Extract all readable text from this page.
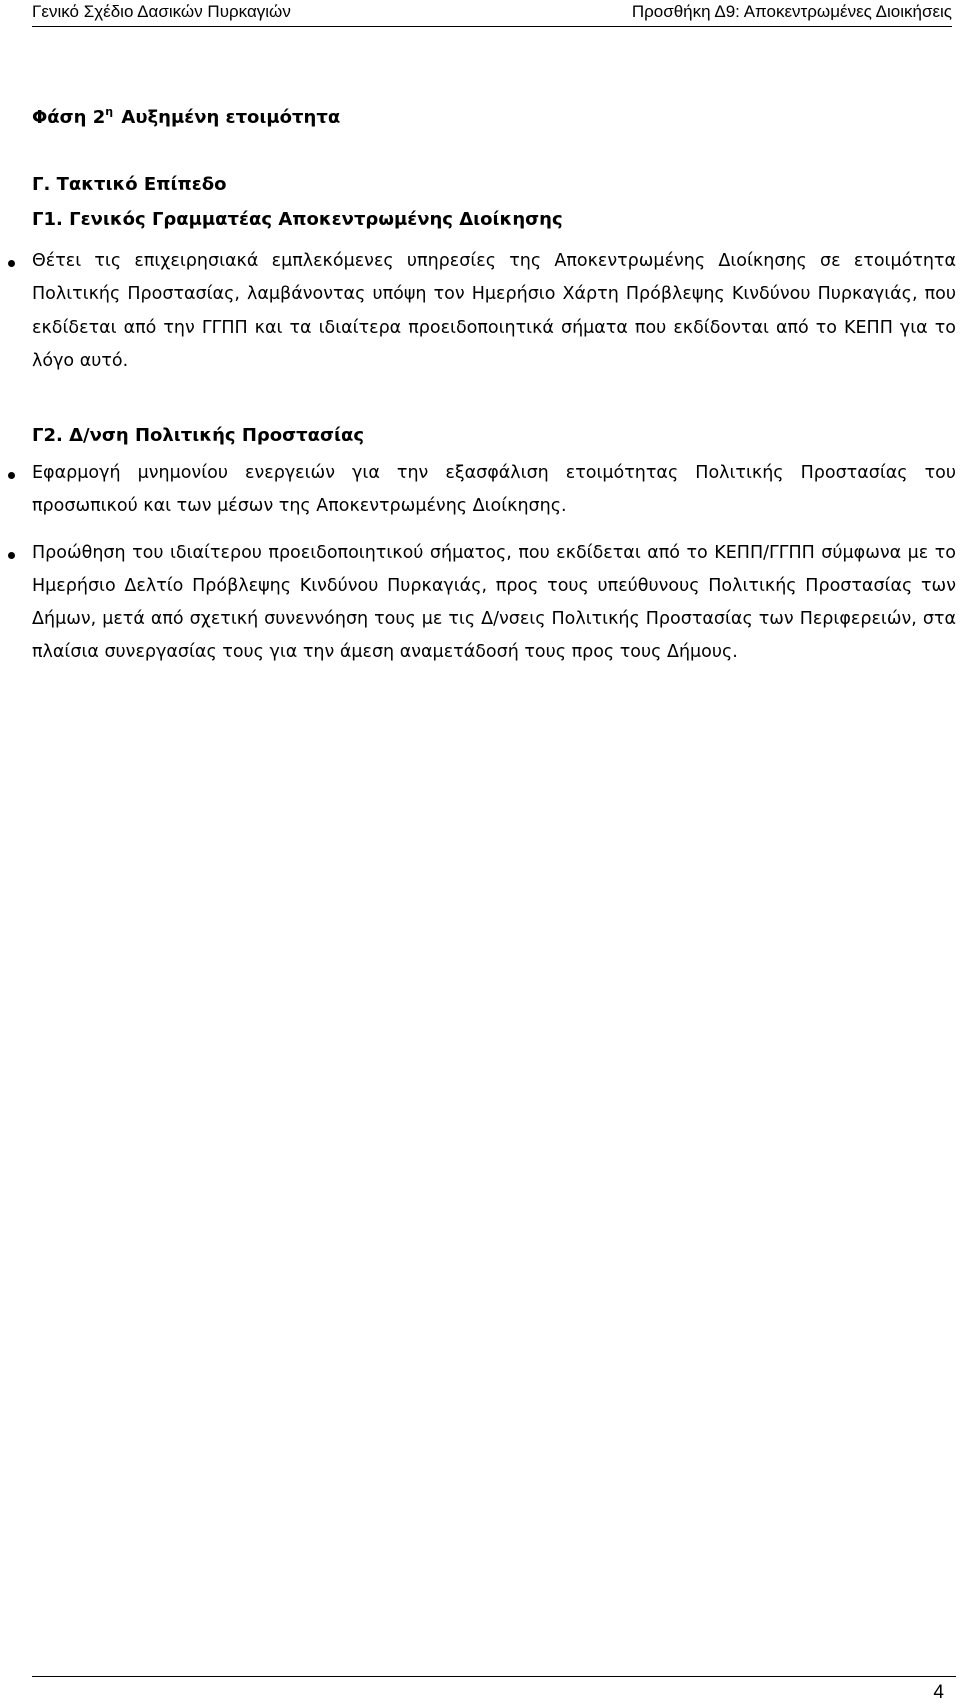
Γενικό Σχέδιο Δασικών Πυρκαγιών	Προσθήκη Δ9: Αποκεντρωμένες Διοικήσεις
Φάση $2^\eta$ Αυξημένη ετοιμότητα
Γ. Τακτικό Επίπεδο
Γ1. Γενικός Γραμματέας Αποκεντρωμένης Διοίκησης
Θέτει τις επιχειρησιακά εμπλεκόμενες υπηρεσίες της Αποκεντρωμένης Διοίκησης σε ετοιμότητα Πολιτικής Προστασίας, λαμβάνοντας υπόψη τον Ημερήσιο Χάρτη Πρόβλεψης Κινδύνου Πυρκαγιάς, που εκδίδεται από την ΓΓΠΠ και τα ιδιαίτερα προειδοποιητικά σήματα που εκδίδονται από το ΚΕΠΠ για το λόγο αυτό.
Γ2. Δ/νση Πολιτικής Προστασίας
Εφαρμογή μνημονίου ενεργειών για την εξασφάλιση ετοιμότητας Πολιτικής Προστασίας του προσωπικού και των μέσων της Αποκεντρωμένης Διοίκησης.
Προώθηση του ιδιαίτερου προειδοποιητικού σήματος, που εκδίδεται από το ΚΕΠΠ/ΓΓΠΠ σύμφωνα με το Ημερήσιο Δελτίο Πρόβλεψης Κινδύνου Πυρκαγιάς, προς τους υπεύθυνους Πολιτικής Προστασίας των Δήμων, μετά από σχετική συνεννόηση τους με τις Δ/νσεις Πολιτικής Προστασίας των Περιφερειών, στα πλαίσια συνεργασίας τους για την άμεση αναμετάδοσή τους προς τους Δήμους.
4
